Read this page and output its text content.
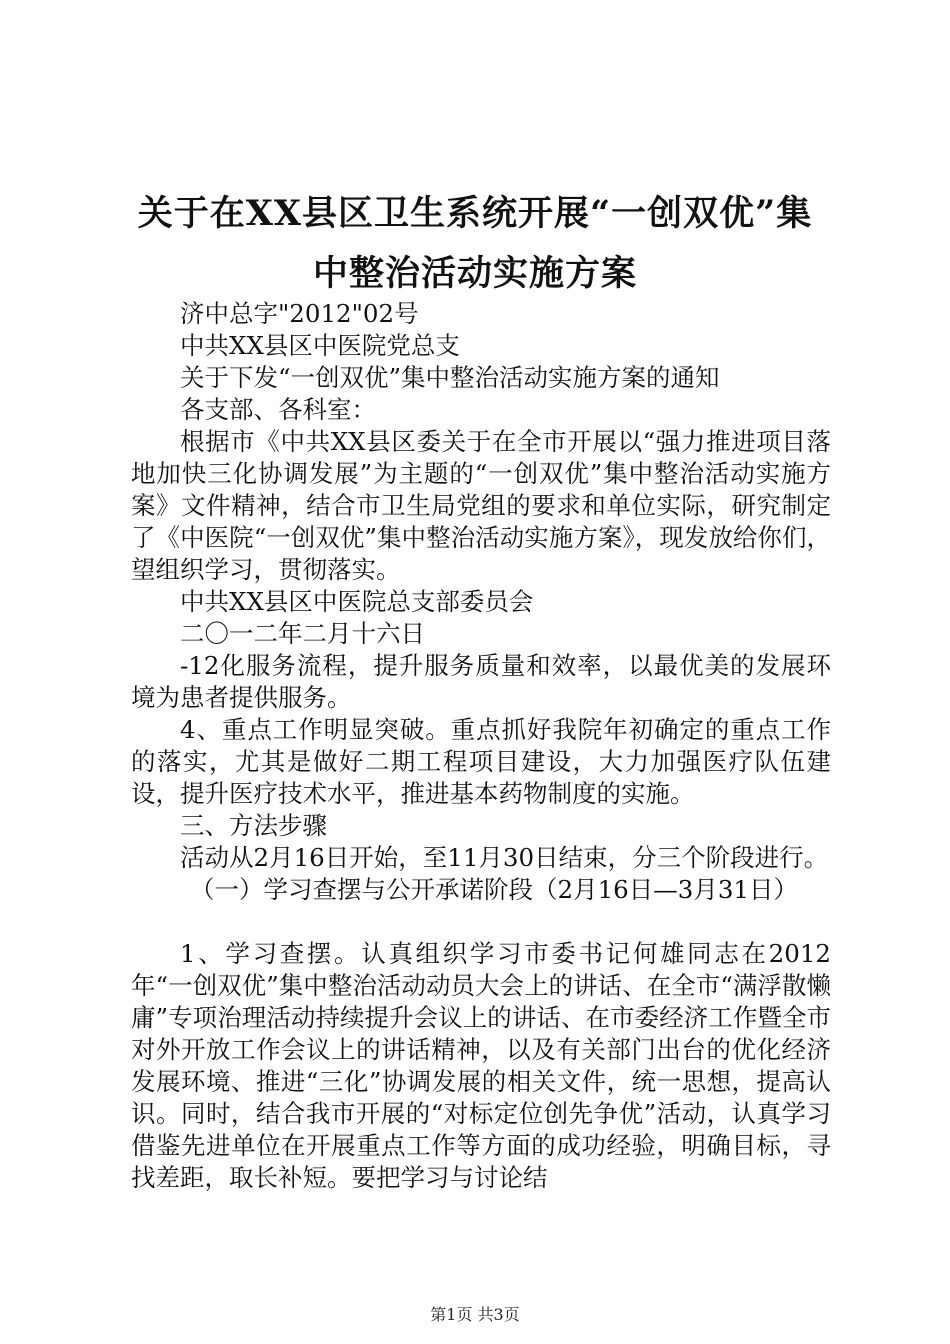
关于在XX县区卫生系统开展“一创双优”集
中整治活动实施方案

济中总字"2012"02号

中共XX县区中医院党总支

关于下发“一创双优”集中整治活动实施方案的通知

各支部、各科室：

根据市《中共XX县区委关于在全市开展以“强力推进项目落地加快三化协调发展”为主题的“一创双优”集中整治活动实施方案》文件精神，结合市卫生局党组的要求和单位实际，研究制定了《中医院“一创双优”集中整治活动实施方案》，现发放给你们，望组织学习，贯彻落实。

中共XX县区中医院总支部委员会

二〇一二年二月十六日

-12化服务流程，提升服务质量和效率，以最优美的发展环境为患者提供服务。

4、重点工作明显突破。重点抓好我院年初确定的重点工作的落实，尤其是做好二期工程项目建设，大力加强医疗队伍建设，提升医疗技术水平，推进基本药物制度的实施。

三、方法步骤

活动从2月16日开始，至11月30日结束，分三个阶段进行。

（一）学习查摆与公开承诺阶段（2月16日—3月31日）

1、学习查摆。认真组织学习市委书记何雄同志在2012年“一创双优”集中整治活动动员大会上的讲话、在全市“满浮散懒庸”专项治理活动持续提升会议上的讲话、在市委经济工作暨全市对外开放工作会议上的讲话精神，以及有关部门出台的优化经济发展环境、推进“三化”协调发展的相关文件，统一思想，提高认识。同时，结合我市开展的“对标定位创先争优”活动，认真学习借鉴先进单位在开展重点工作等方面的成功经验，明确目标，寻找差距，取长补短。要把学习与讨论结

第1页 共3页
